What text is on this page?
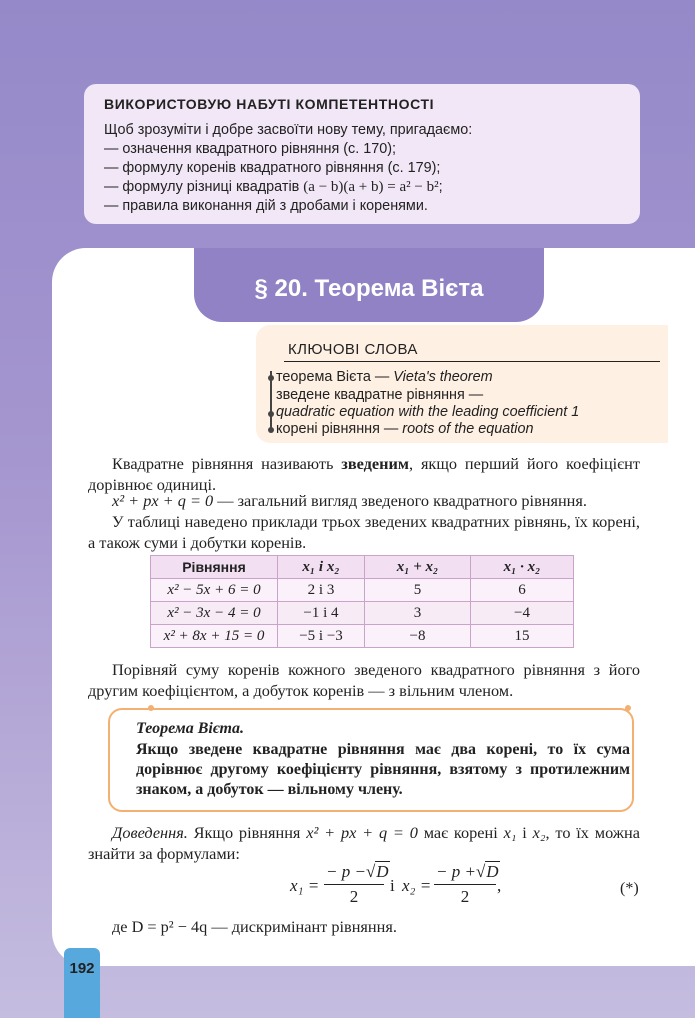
ВИКОРИСТОВУЮ НАБУТІ КОМПЕТЕНТНОСТІ
Щоб зрозуміти і добре засвоїти нову тему, пригадаємо:
— означення квадратного рівняння (с. 170);
— формулу коренів квадратного рівняння (с. 179);
— формулу різниці квадратів (a − b)(a + b) = a² − b²;
— правила виконання дій з дробами і коренями.
§ 20. Теорема Вієта
КЛЮЧОВІ СЛОВА
теорема Вієта — Vieta's theorem
зведене квадратне рівняння —
quadratic equation with the leading coefficient 1
корені рівняння — roots of the equation
Квадратне рівняння називають зведеним, якщо перший його коефіцієнт дорівнює одиниці.
x² + px + q = 0 — загальний вигляд зведеного квадратного рівняння.
У таблиці наведено приклади трьох зведених квадратних рівнянь, їх корені, а також суми і добутки коренів.
Рівняння	x₁ і x₂	x₁ + x₂	x₁ · x₂
x² − 5x + 6 = 0	2 і 3	5	6
x² − 3x − 4 = 0	−1 і 4	3	−4
x² + 8x + 15 = 0	−5 і −3	−8	15
Порівняй суму коренів кожного зведеного квадратного рівняння з його другим коефіцієнтом, а добуток коренів — з вільним членом.
Теорема Вієта.
Якщо зведене квадратне рівняння має два корені, то їх сума дорівнює другому коефіцієнту рівняння, взятому з протилежним знаком, а добуток — вільному члену.
Доведення. Якщо рівняння x² + px + q = 0 має корені x₁ і x₂, то їх можна знайти за формулами:
$x_1 = \frac{- p -√D}{2}$ і $x_2 = \frac{- p +√D}{2}$ ,	(*)
де D = p² − 4q — дискримінант рівняння.
192
